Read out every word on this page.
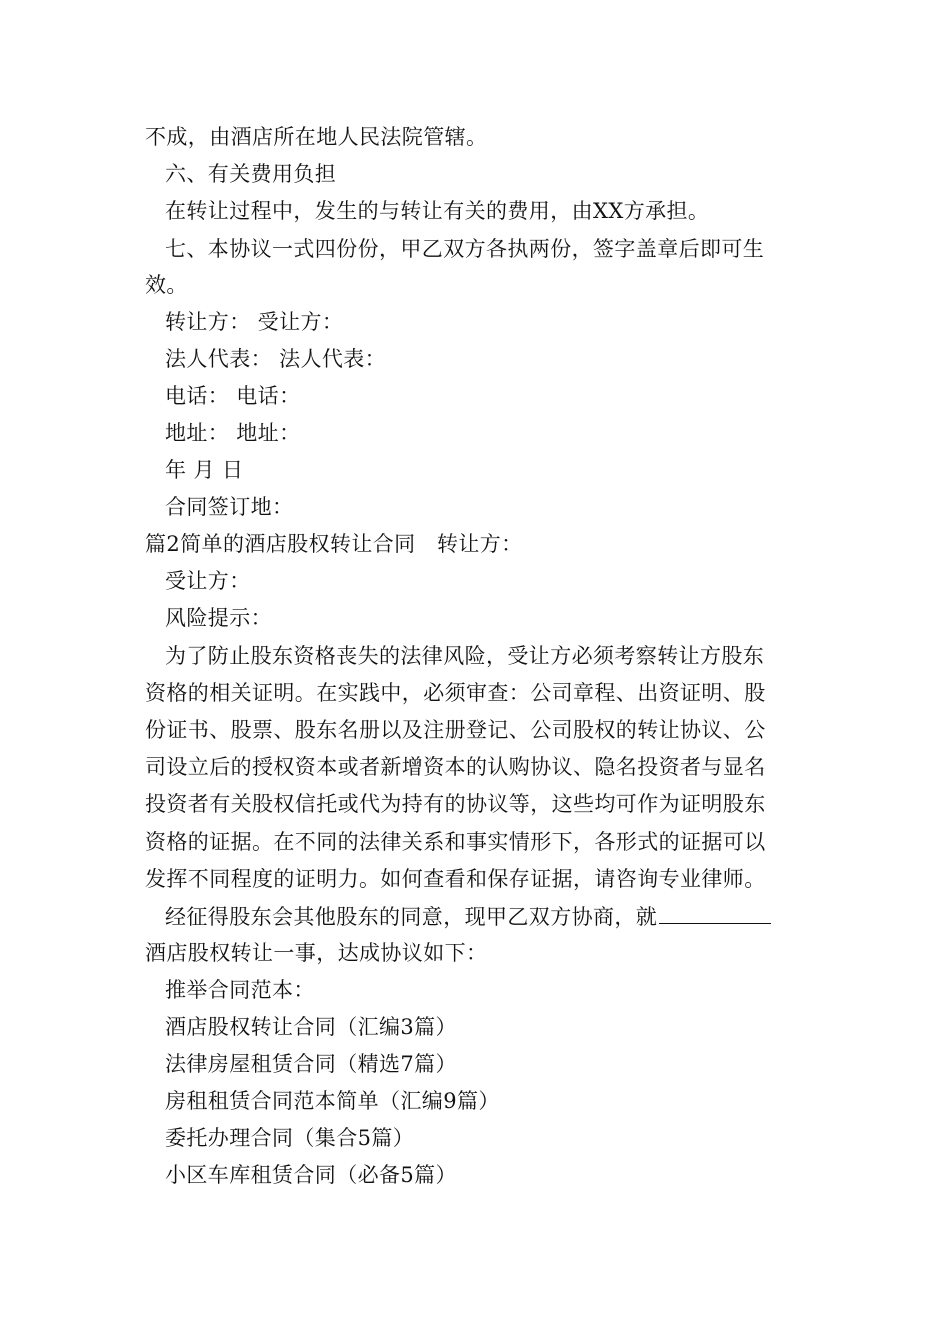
不成，由酒店所在地人民法院管辖。
六、有关费用负担
在转让过程中，发生的与转让有关的费用，由XX方承担。
七、本协议一式四份份，甲乙双方各执两份，签字盖章后即可生
效。
转让方： 受让方：
法人代表： 法人代表：
电话： 电话：
地址： 地址：
年 月 日
合同签订地：
篇2简单的酒店股权转让合同　转让方：
受让方：
风险提示：
为了防止股东资格丧失的法律风险，受让方必须考察转让方股东
资格的相关证明。在实践中，必须审查：公司章程、出资证明、股
份证书、股票、股东名册以及注册登记、公司股权的转让协议、公
司设立后的授权资本或者新增资本的认购协议、隐名投资者与显名
投资者有关股权信托或代为持有的协议等，这些均可作为证明股东
资格的证据。在不同的法律关系和事实情形下，各形式的证据可以
发挥不同程度的证明力。如何查看和保存证据，请咨询专业律师。
经征得股东会其他股东的同意，现甲乙双方协商，就
酒店股权转让一事，达成协议如下：
推举合同范本：
酒店股权转让合同（汇编3篇）
法律房屋租赁合同（精选7篇）
房租租赁合同范本简单（汇编9篇）
委托办理合同（集合5篇）
小区车库租赁合同（必备5篇）
